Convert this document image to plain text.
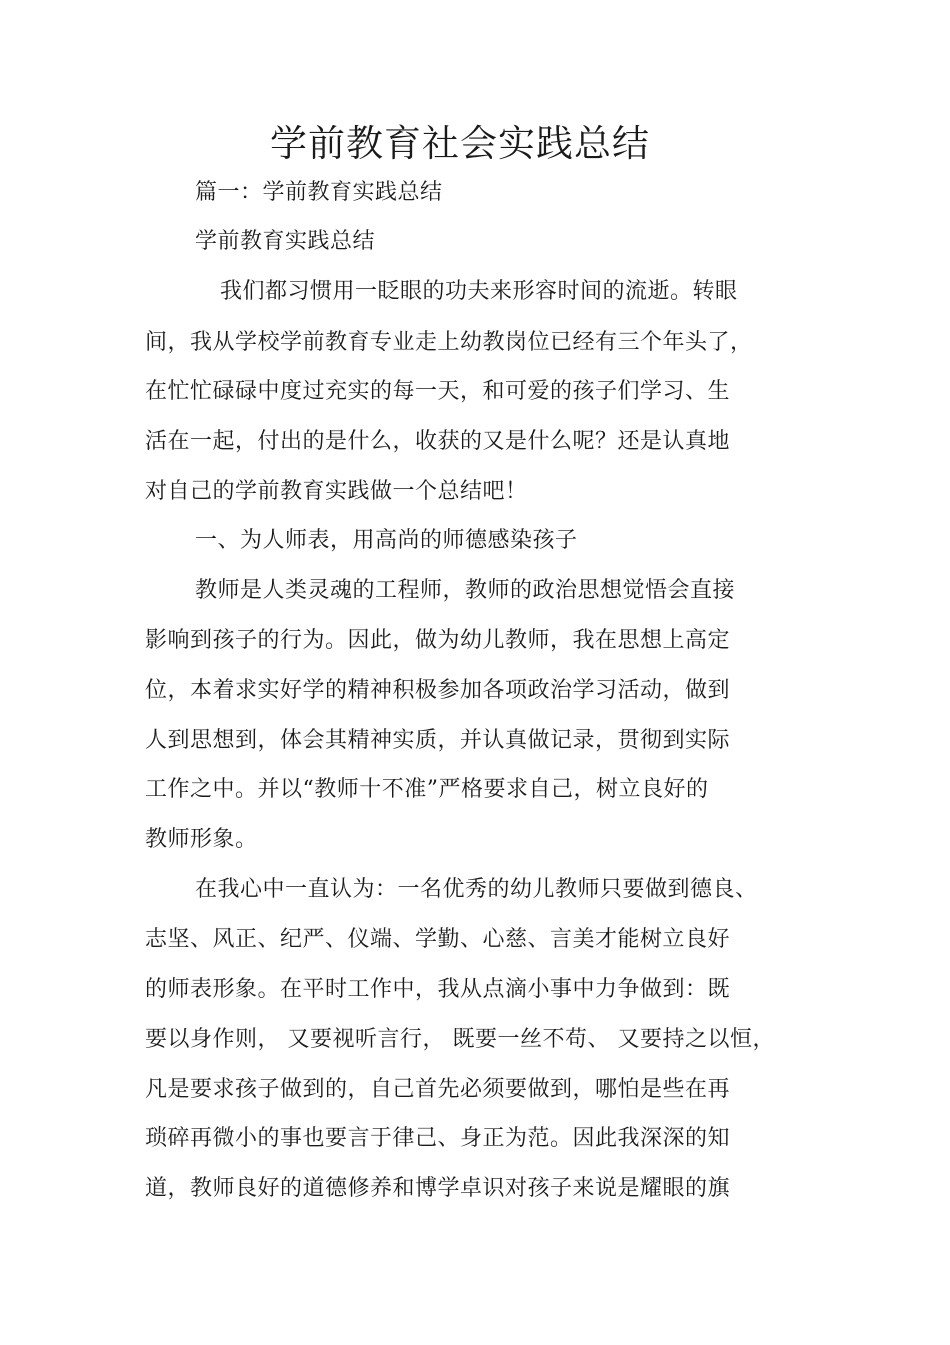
学前教育社会实践总结
篇一：学前教育实践总结
学前教育实践总结
我们都习惯用一眨眼的功夫来形容时间的流逝。转眼
间，我从学校学前教育专业走上幼教岗位已经有三个年头了，
在忙忙碌碌中度过充实的每一天，和可爱的孩子们学习、生
活在一起，付出的是什么，收获的又是什么呢？还是认真地
对自己的学前教育实践做一个总结吧！
一、为人师表，用高尚的师德感染孩子
教师是人类灵魂的工程师，教师的政治思想觉悟会直接
影响到孩子的行为。因此，做为幼儿教师，我在思想上高定
位，本着求实好学的精神积极参加各项政治学习活动，做到
人到思想到，体会其精神实质，并认真做记录，贯彻到实际
工作之中。并以“教师十不准”严格要求自己，树立良好的
教师形象。
在我心中一直认为：一名优秀的幼儿教师只要做到德良、
志坚、风正、纪严、仪端、学勤、心慈、言美才能树立良好
的师表形象。在平时工作中，我从点滴小事中力争做到：既
要以身作则， 又要视听言行， 既要一丝不苟、 又要持之以恒，
凡是要求孩子做到的，自己首先必须要做到，哪怕是些在再
琐碎再微小的事也要言于律己、身正为范。因此我深深的知
道，教师良好的道德修养和博学卓识对孩子来说是耀眼的旗
